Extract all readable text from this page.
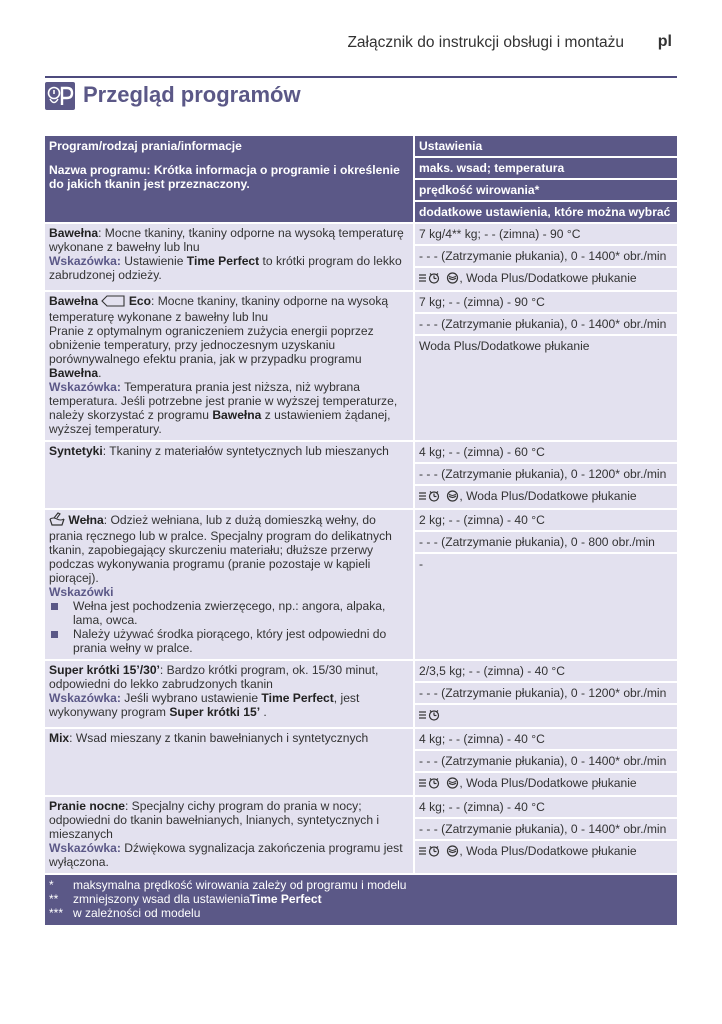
Załącznik do instrukcji obsługi i montażu pl
Przegląd programów
Program/rodzaj prania/informacje
Nazwa programu: Krótka informacja o programie i określenie do jakich tkanin jest przeznaczony.
Ustawienia
maks. wsad; temperatura
prędkość wirowania*
dodatkowe ustawienia, które można wybrać
Bawełna: Mocne tkaniny, tkaniny odporne na wysoką temperaturę wykonane z bawełny lub lnu
Wskazówka: Ustawienie Time Perfect to krótki program do lekko zabrudzonej odzieży.
7 kg/4** kg; - - (zimna) - 90 °C
- - - (Zatrzymanie płukania), 0 - 1400* obr./min
, Woda Plus/Dodatkowe płukanie
Bawełna	Eco: Mocne tkaniny, tkaniny odporne na wysoką temperaturę wykonane z bawełny lub lnu
Pranie z optymalnym ograniczeniem zużycia energii poprzez obniżenie temperatury, przy jednoczesnym uzyskaniu porównywalnego efektu prania, jak w przypadku programu Bawełna.
Wskazówka: Temperatura prania jest niższa, niż wybrana temperatura. Jeśli potrzebne jest pranie w wyższej temperaturze, należy skorzystać z programu Bawełna z ustawieniem żądanej, wyższej temperatury.
7 kg; - - (zimna) - 90 °C
- - - (Zatrzymanie płukania), 0 - 1400* obr./min
Woda Plus/Dodatkowe płukanie
Syntetyki: Tkaniny z materiałów syntetycznych lub mieszanych	4 kg; - - (zimna) - 60 °C
- - - (Zatrzymanie płukania), 0 - 1200* obr./min
, Woda Plus/Dodatkowe płukanie
Wełna: Odzież wełniana, lub z dużą domieszką wełny, do prania ręcznego lub w pralce. Specjalny program do delikatnych tkanin, zapobiegający skurczeniu materiału; dłuższe przerwy podczas wykonywania programu (pranie pozostaje w kąpieli piorącej).
Wskazówki
Wełna jest pochodzenia zwierzęcego, np.: angora, alpaka, lama, owca.
Należy używać środka piorącego, który jest odpowiedni do prania wełny w pralce.
2 kg; - - (zimna) - 40 °C
- - - (Zatrzymanie płukania), 0 - 800 obr./min
-
Super krótki 15’/30’: Bardzo krótki program, ok. 15/30 minut, odpowiedni do lekko zabrudzonych tkanin
Wskazówka: Jeśli wybrano ustawienie Time Perfect, jest wykonywany program Super krótki 15’ .
2/3,5 kg; - - (zimna) - 40 °C
- - - (Zatrzymanie płukania), 0 - 1200* obr./min
Mix: Wsad mieszany z tkanin bawełnianych i syntetycznych	4 kg; - - (zimna) - 40 °C
- - - (Zatrzymanie płukania), 0 - 1400* obr./min
, Woda Plus/Dodatkowe płukanie
Pranie nocne: Specjalny cichy program do prania w nocy; odpowiedni do tkanin bawełnianych, lnianych, syntetycznych i mieszanych
Wskazówka: Dźwiękowa sygnalizacja zakończenia programu jest wyłączona.
4 kg; - - (zimna) - 40 °C
- - - (Zatrzymanie płukania), 0 - 1400* obr./min
, Woda Plus/Dodatkowe płukanie
*	maksymalna prędkość wirowania zależy od programu i modelu
**	zmniejszony wsad dla ustawienia Time Perfect
*** w zależności od modelu
